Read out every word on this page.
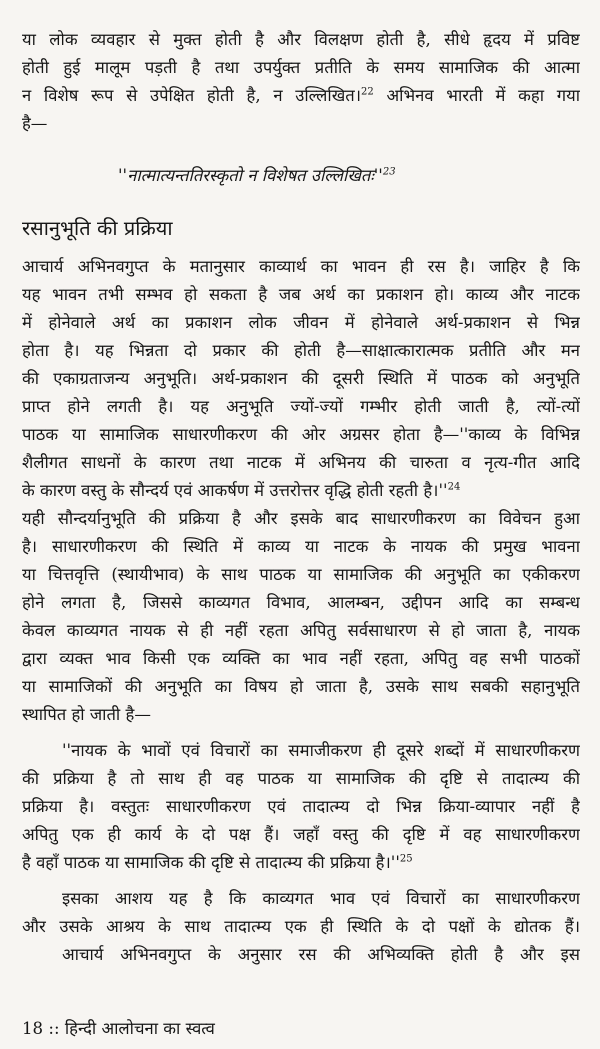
या लोक व्यवहार से मुक्त होती है और विलक्षण होती है, सीधे हृदय में प्रविष्ट
होती हुई मालूम पड़ती है तथा उपर्युक्त प्रतीति के समय सामाजिक की आत्मा
न विशेष रूप से उपेक्षित होती है, न उल्लिखित।$^{22}$ अभिनव भारती में कहा गया
है—
''नात्मात्यन्ततिरस्कृतो न विशेषत $उल्लिखितः''^{23}$
रसानुभूति की प्रक्रिया
आचार्य अभिनवगुप्त के मतानुसार काव्यार्थ का भावन ही रस है। जाहिर है कि
यह भावन तभी सम्भव हो सकता है जब अर्थ का प्रकाशन हो। काव्य और नाटक
में होनेवाले अर्थ का प्रकाशन लोक जीवन में होनेवाले अर्थ-प्रकाशन से भिन्न
होता है। यह भिन्नता दो प्रकार की होती है—साक्षात्कारात्मक प्रतीति और मन
की एकाग्रताजन्य अनुभूति। अर्थ-प्रकाशन की दूसरी स्थिति में पाठक को अनुभूति
प्राप्त होने लगती है। यह अनुभूति ज्यों-ज्यों गम्भीर होती जाती है, त्यों-त्यों
पाठक या सामाजिक साधारणीकरण की ओर अग्रसर होता है—''काव्य के विभिन्न
शैलीगत साधनों के कारण तथा नाटक में अभिनय की चारुता व नृत्य-गीत आदि
के कारण वस्तु के सौन्दर्य एवं आकर्षण में उत्तरोत्तर वृद्धि होती रहती $है।''^{24}$
यही सौन्दर्यानुभूति की प्रक्रिया है और इसके बाद साधारणीकरण का विवेचन हुआ
है। साधारणीकरण की स्थिति में काव्य या नाटक के नायक की प्रमुख भावना
या चित्तवृत्ति (स्थायीभाव) के साथ पाठक या सामाजिक की अनुभूति का एकीकरण
होने लगता है, जिससे काव्यगत विभाव, आलम्बन, उद्दीपन आदि का सम्बन्ध
केवल काव्यगत नायक से ही नहीं रहता अपितु सर्वसाधारण से हो जाता है, नायक
द्वारा व्यक्त भाव किसी एक व्यक्ति का भाव नहीं रहता, अपितु वह सभी पाठकों
या सामाजिकों की अनुभूति का विषय हो जाता है, उसके साथ सबकी सहानुभूति
स्थापित हो जाती है—
''नायक के भावों एवं विचारों का समाजीकरण ही दूसरे शब्दों में साधारणीकरण
की प्रक्रिया है तो साथ ही वह पाठक या सामाजिक की दृष्टि से तादात्म्य की
प्रक्रिया है। वस्तुतः साधारणीकरण एवं तादात्म्य दो भिन्न क्रिया-व्यापार नहीं है
अपितु एक ही कार्य के दो पक्ष हैं। जहाँ वस्तु की दृष्टि में वह साधारणीकरण
है वहाँ पाठक या सामाजिक की दृष्टि से तादात्म्य की प्रक्रिया $है।''^{25}$
इसका आशय यह है कि काव्यगत भाव एवं विचारों का साधारणीकरण
और उसके आश्रय के साथ तादात्म्य एक ही स्थिति के दो पक्षों के द्योतक हैं।
आचार्य अभिनवगुप्त के अनुसार रस की अभिव्यक्ति होती है और इस
18 :: हिन्दी आलोचना का स्वत्व
